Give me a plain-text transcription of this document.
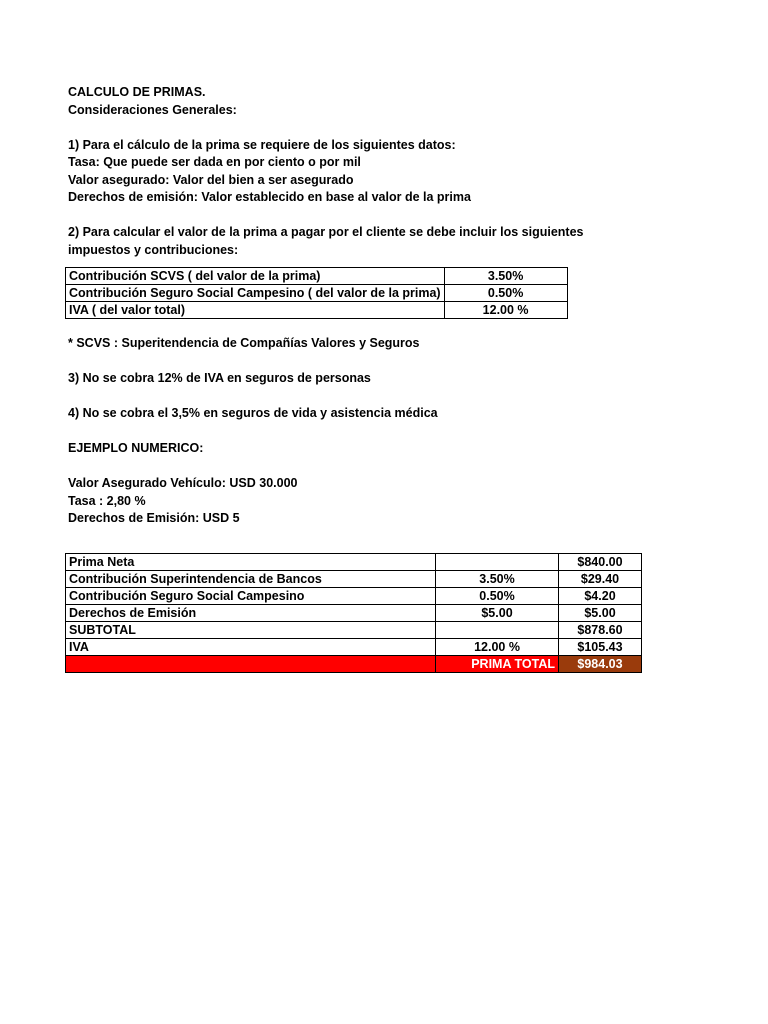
CALCULO DE PRIMAS.
Consideraciones Generales:
1) Para el cálculo de la prima se requiere de los siguientes datos:
Tasa: Que puede ser dada en por ciento o por mil
Valor asegurado: Valor del bien a ser asegurado
Derechos de emisión: Valor establecido en base al valor de la prima
2) Para calcular el valor de la prima a pagar por el cliente se debe incluir los siguientes
impuestos y contribuciones:
Contribución SCVS ( del valor de la prima)	3.50%
Contribución Seguro Social Campesino ( del valor de la prima)	0.50%
IVA ( del valor total)	12.00 %
* SCVS : Superitendencia de Compañías Valores y Seguros
3) No se cobra 12% de IVA en seguros de personas
4) No se cobra el 3,5% en seguros de vida y asistencia médica
EJEMPLO NUMERICO:
Valor Asegurado Vehículo: USD 30.000
Tasa : 2,80 %
Derechos de Emisión: USD 5
Prima Neta		$840.00
Contribución Superintendencia de Bancos	3.50%	$29.40
Contribución Seguro Social Campesino	0.50%	$4.20
Derechos de Emisión	$5.00	$5.00
SUBTOTAL		$878.60
IVA	12.00 %	$105.43
	PRIMA TOTAL	$984.03
